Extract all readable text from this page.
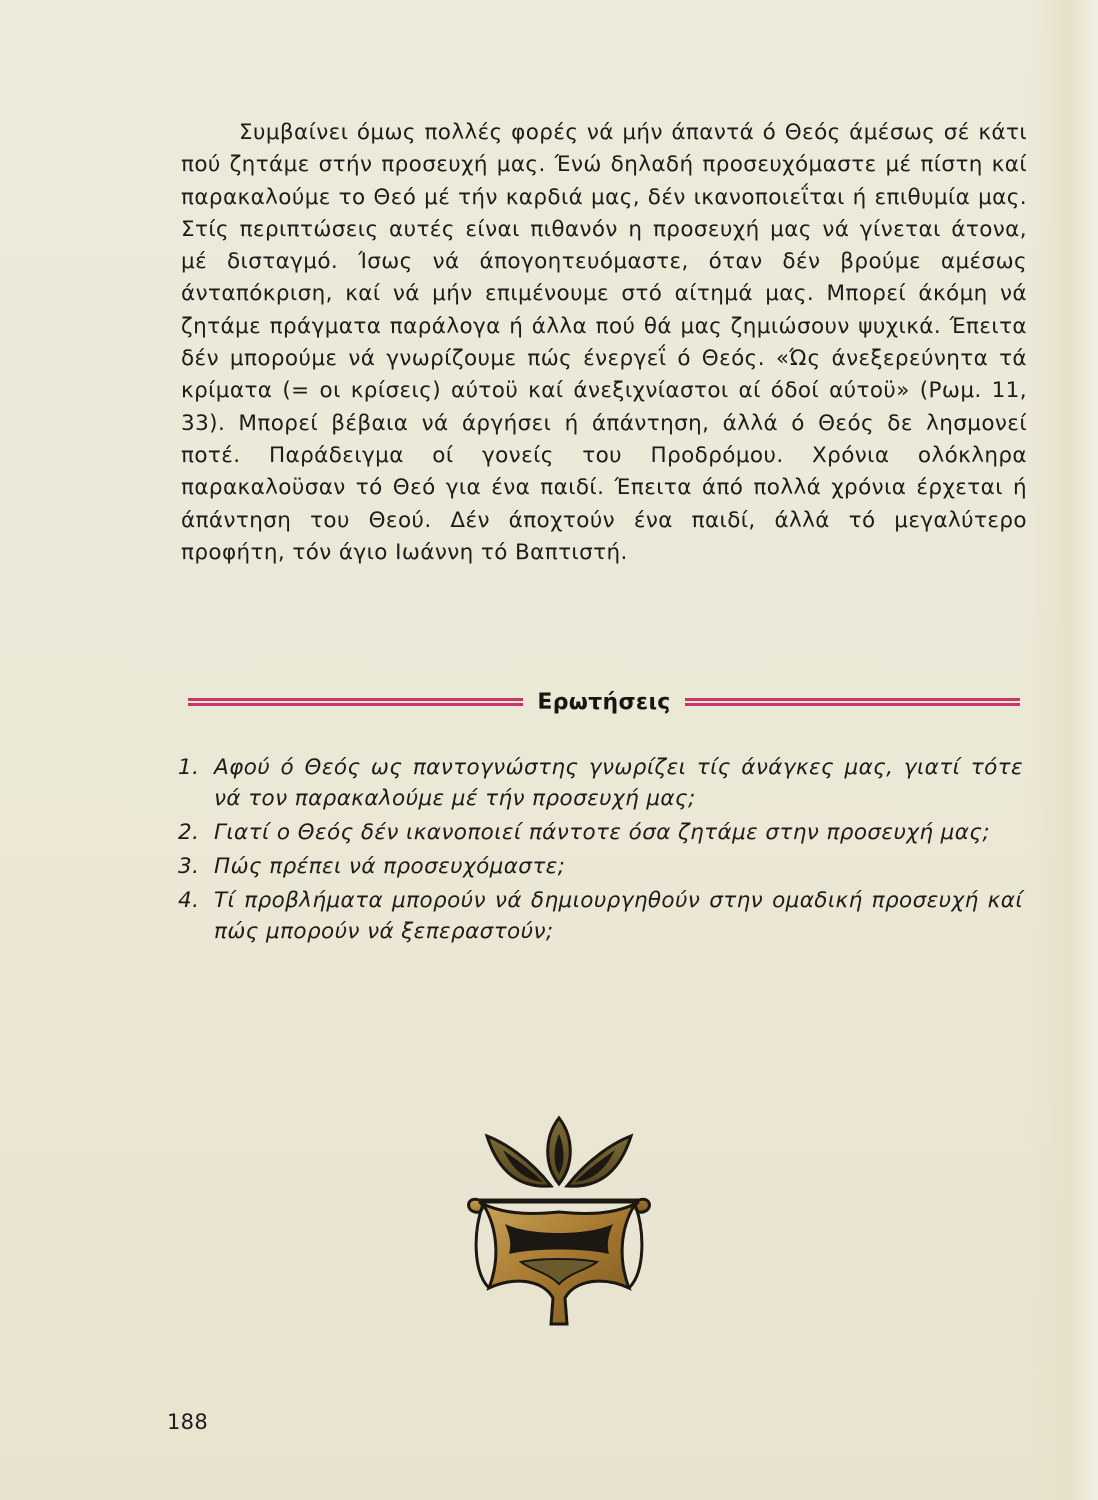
Συμβαίνει όμως πολλές φορές νά μήν άπαντά ό Θεός άμέσως σέ κάτι πού ζητάμε στήν προσευχή μας. Ένώ δηλαδή προσευχόμαστε μέ πίστη καί παρακαλούμε το Θεό μέ τήν καρδιά μας, δέν ικανοποιεΐται ή επιθυμία μας. Στίς περιπτώσεις αυτές είναι πιθανόν η προσευχή μας νά γίνεται άτονα, μέ δισταγμό. Ίσως νά άπογοητευόμαστε, όταν δέν βρούμε αμέσως άνταπόκριση, καί νά μήν επιμένουμε στό αίτημά μας. Μπορεί άκόμη νά ζητάμε πράγματα παράλογα ή άλλα πού θά μας ζημιώσουν ψυχικά. Έπειτα δέν μπορούμε νά γνωρίζουμε πώς ένεργεΐ ό Θεός. «Ώς άνεξερεύνητα τά κρίματα (= οι κρίσεις) αύτοϋ καί άνεξιχνίαστοι αί όδοί αύτοϋ» (Ρωμ. 11, 33). Μπορεί βέβαια νά άργήσει ή άπάντηση, άλλά ό Θεός δε λησμονεί ποτέ. Παράδειγμα οί γονείς του Προδρόμου. Χρόνια ολόκληρα παρακαλοϋσαν τό Θεό για ένα παιδί. Έπειτα άπό πολλά χρόνια έρχεται ή άπάντηση του Θεού. Δέν άποχτούν ένα παιδί, άλλά τό μεγαλύτερο προφήτη, τόν άγιο Ιωάννη τό Βαπτιστή.

Ερωτήσεις
1. Αφού ό Θεός ως παντογνώστης γνωρίζει τίς άνάγκες μας, γιατί τότε νά τον παρακαλούμε μέ τήν προσευχή μας;
2. Γιατί ο Θεός δέν ικανοποιεί πάντοτε όσα ζητάμε στην προσευχή μας;
3. Πώς πρέπει νά προσευχόμαστε;
4. Τί προβλήματα μπορούν νά δημιουργηθούν στην ομαδική προσευχή καί πώς μπορούν νά ξεπεραστούν;
188
